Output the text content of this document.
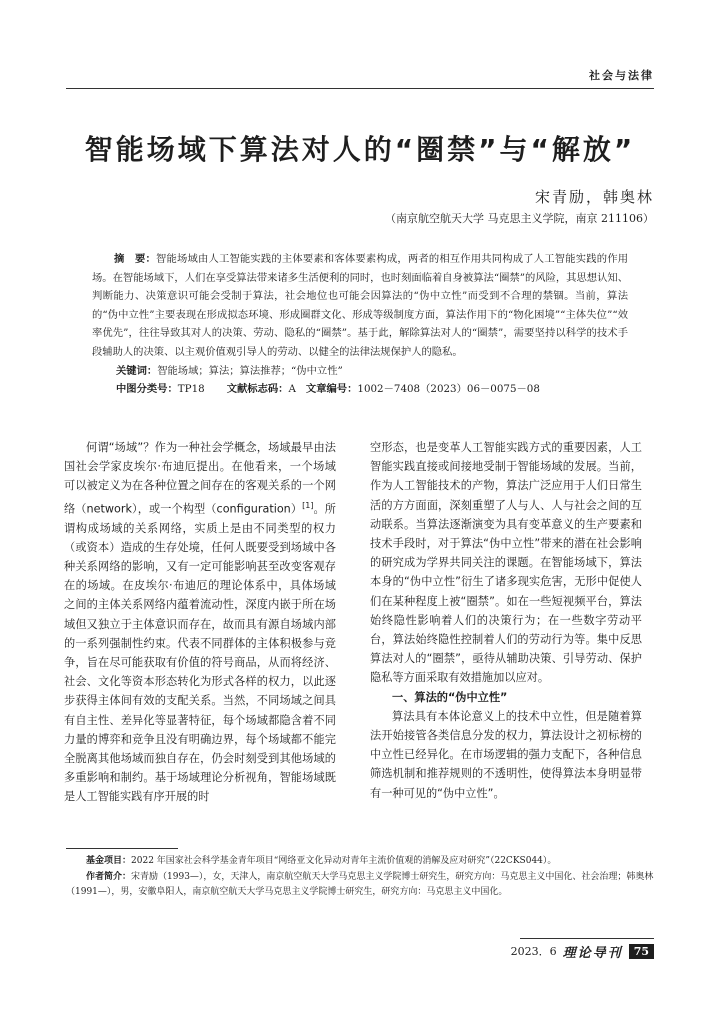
社会与法律
智能场域下算法对人的“圈禁”与“解放”
宋青励，韩奥林
（南京航空航天大学 马克思主义学院，南京 211106）

摘　要：智能场域由人工智能实践的主体要素和客体要素构成，两者的相互作用共同构成了人工智能实践的作用场。在智能场域下，人们在享受算法带来诸多生活便利的同时，也时刻面临着自身被算法“圈禁”的风险，其思想认知、判断能力、决策意识可能会受制于算法，社会地位也可能会因算法的“伪中立性”而受到不合理的禁锢。当前，算法的“伪中立性”主要表现在形成拟态环境、形成圈群文化、形成等级制度方面，算法作用下的“物化困境”“主体失位”“效率优先”，往往导致其对人的决策、劳动、隐私的“圈禁”。基于此，解除算法对人的“圈禁”，需要坚持以科学的技术手段辅助人的决策、以主观价值观引导人的劳动、以健全的法律法规保护人的隐私。

关键词：智能场域；算法；算法推荐；“伪中立性”
中图分类号：TP18 文献标志码：A 文章编号：1002－7408（2023）06－0075－08

何谓“场域”？作为一种社会学概念，场域最早由法国社会学家皮埃尔·布迪厄提出。在他看来，一个场域可以被定义为在各种位置之间存在的客观关系的一个网络（network），或一个构型（configuration）[1]。所谓构成场域的关系网络，实质上是由不同类型的权力（或资本）造成的生存处境，任何人既要受到场域中各种关系网络的影响，又有一定可能影响甚至改变客观存在的场域。在皮埃尔·布迪厄的理论体系中，具体场域之间的主体关系网络内蕴着流动性，深度内嵌于所在场域但又独立于主体意识而存在，故而具有源自场域内部的一系列强制性约束。代表不同群体的主体积极参与竞争，旨在尽可能获取有价值的符号商品，从而将经济、社会、文化等资本形态转化为形式各样的权力，以此逐步获得主体间有效的支配关系。当然，不同场域之间具有自主性、差异化等显著特征，每个场域都隐含着不同力量的博弈和竞争且没有明确边界，每个场域都不能完全脱离其他场域而独自存在，仍会时刻受到其他场域的多重影响和制约。基于场域理论分析视角，智能场域既是人工智能实践有序开展的时

空形态，也是变革人工智能实践方式的重要因素，人工智能实践直接或间接地受制于智能场域的发展。当前，作为人工智能技术的产物，算法广泛应用于人们日常生活的方方面面，深刻重塑了人与人、人与社会之间的互动联系。当算法逐渐演变为具有变革意义的生产要素和技术手段时，对于算法“伪中立性”带来的潜在社会影响的研究成为学界共同关注的课题。在智能场域下，算法本身的“伪中立性”衍生了诸多现实危害，无形中促使人们在某种程度上被“圈禁”。如在一些短视频平台，算法始终隐性影响着人们的决策行为；在一些数字劳动平台，算法始终隐性控制着人们的劳动行为等。集中反思算法对人的“圈禁”，亟待从辅助决策、引导劳动、保护隐私等方面采取有效措施加以应对。

一、算法的“伪中立性”

算法具有本体论意义上的技术中立性，但是随着算法开始接管各类信息分发的权力，算法设计之初标榜的中立性已经异化。在市场逻辑的强力支配下，各种信息筛选机制和推荐规则的不透明性，使得算法本身明显带有一种可见的“伪中立性”。

基金项目：2022 年国家社会科学基金青年项目“网络亚文化异动对青年主流价值观的消解及应对研究”（22CKS044）。

作者简介：宋青励（1993—），女，天津人，南京航空航天大学马克思主义学院博士研究生，研究方向：马克思主义中国化、社会治理；韩奥林（1991—），男，安徽阜阳人，南京航空航天大学马克思主义学院博士研究生，研究方向：马克思主义中国化。

2023．6 理论导刊	75
